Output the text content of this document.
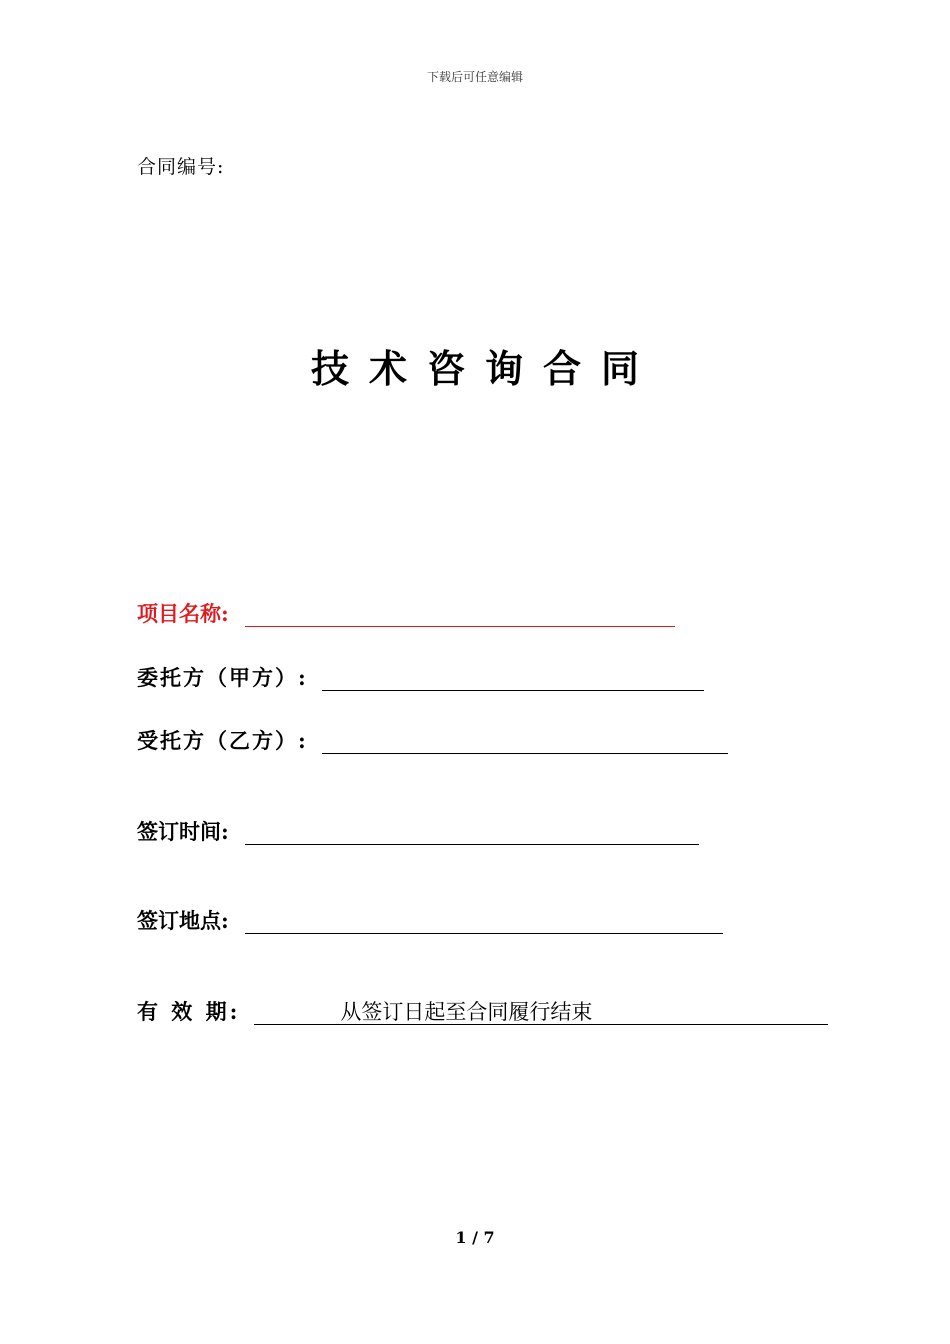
下载后可任意编辑
合同编号:
技术咨询合同
项目名称:
委托方（甲方）:
受托方（乙方）:
签订时间:
签订地点:
有 效 期:	从签订日起至合同履行结束
1 / 7
